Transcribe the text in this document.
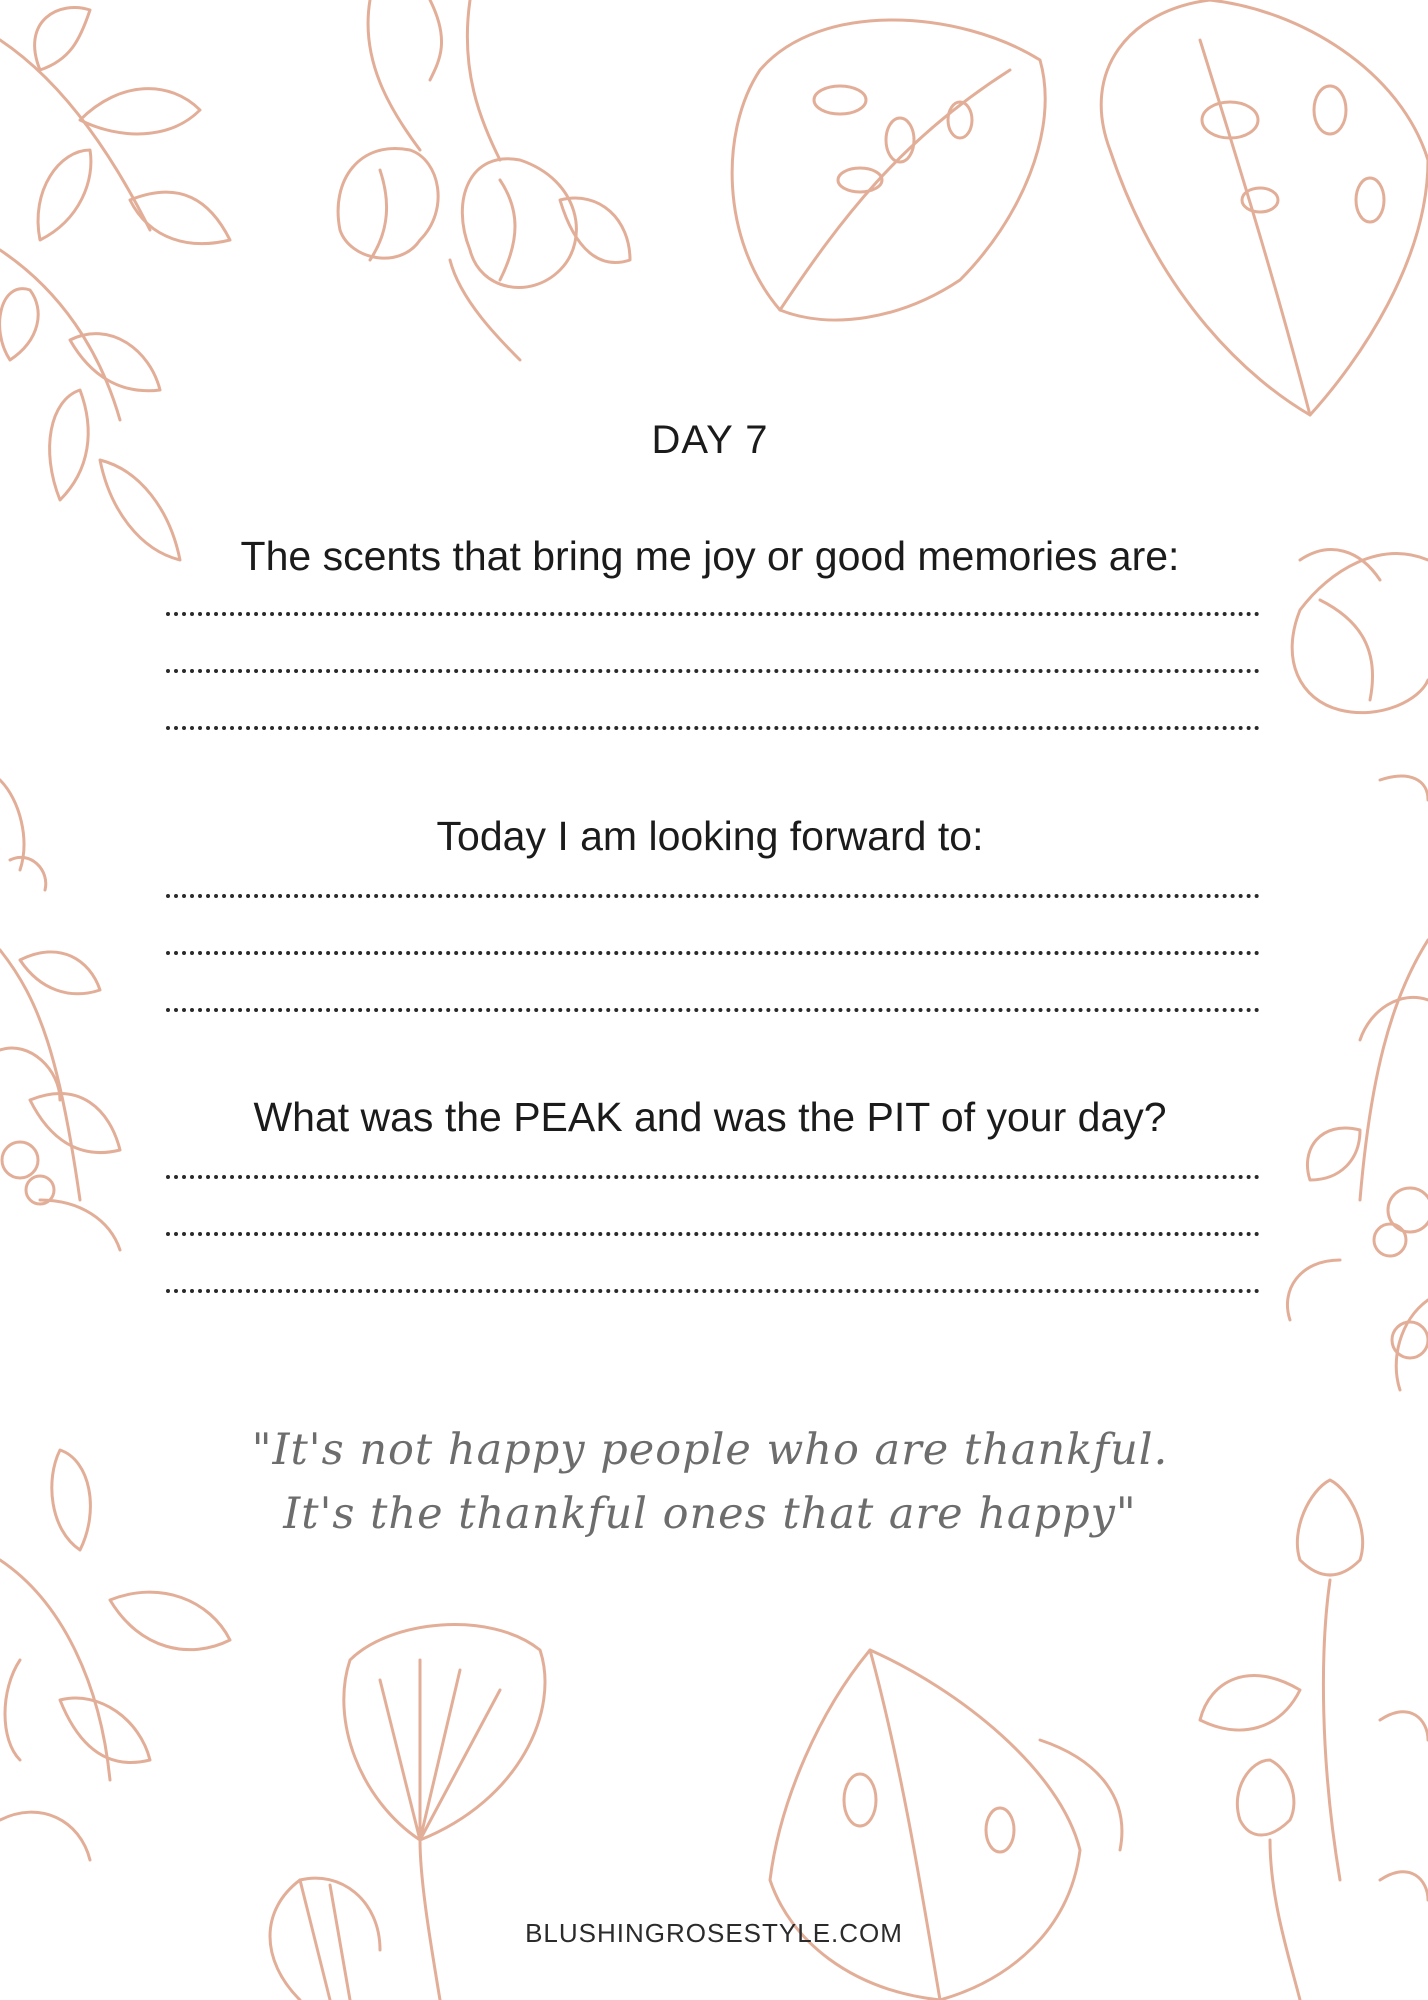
DAY 7
The scents that bring me joy or good memories are:
Today I am looking forward to:
What was the PEAK and was the PIT of your day?
"It's not happy people who are thankful.
It's the thankful ones that are happy"
BLUSHINGROSESTYLE.COM
